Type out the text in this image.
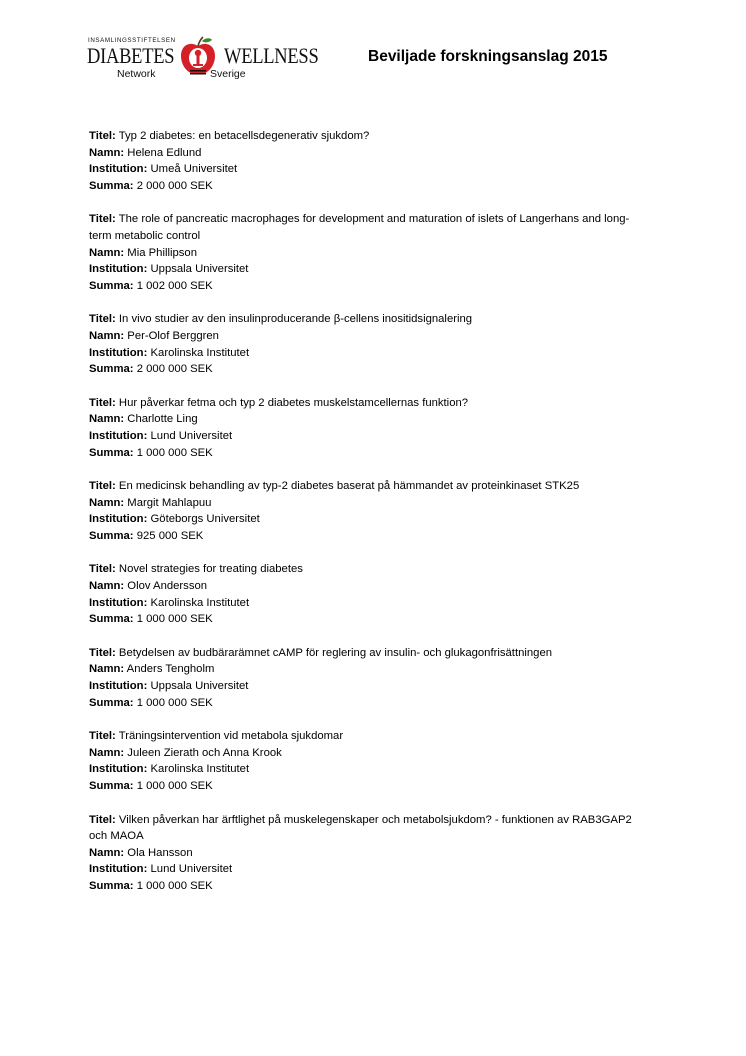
INSAMLINGSSTIFTELSEN
DIABETES WELLNESS
Network	Sverige
Beviljade forskningsanslag 2015
Titel: Typ 2 diabetes: en betacellsdegenerativ sjukdom?
Namn: Helena Edlund
Institution: Umeå Universitet
Summa: 2 000 000 SEK
Titel: The role of pancreatic macrophages for development and maturation of islets of Langerhans and long-term metabolic control
Namn: Mia Phillipson
Institution: Uppsala Universitet
Summa: 1 002 000 SEK
Titel: In vivo studier av den insulinproducerande β-cellens inositidsignalering
Namn: Per-Olof Berggren
Institution: Karolinska Institutet
Summa: 2 000 000 SEK
Titel: Hur påverkar fetma och typ 2 diabetes muskelstamcellernas funktion?
Namn: Charlotte Ling
Institution: Lund Universitet
Summa: 1 000 000 SEK
Titel: En medicinsk behandling av typ-2 diabetes baserat på hämmandet av proteinkinaset STK25
Namn: Margit Mahlapuu
Institution: Göteborgs Universitet
Summa: 925 000 SEK
Titel: Novel strategies for treating diabetes
Namn: Olov Andersson
Institution: Karolinska Institutet
Summa: 1 000 000 SEK
Titel: Betydelsen av budbärarämnet cAMP för reglering av insulin- och glukagonfrisättningen
Namn: Anders Tengholm
Institution: Uppsala Universitet
Summa: 1 000 000 SEK
Titel: Träningsintervention vid metabola sjukdomar
Namn: Juleen Zierath och Anna Krook
Institution: Karolinska Institutet
Summa: 1 000 000 SEK
Titel: Vilken påverkan har ärftlighet på muskelegenskaper och metabolsjukdom? - funktionen av RAB3GAP2 och MAOA
Namn: Ola Hansson
Institution: Lund Universitet
Summa: 1 000 000 SEK
